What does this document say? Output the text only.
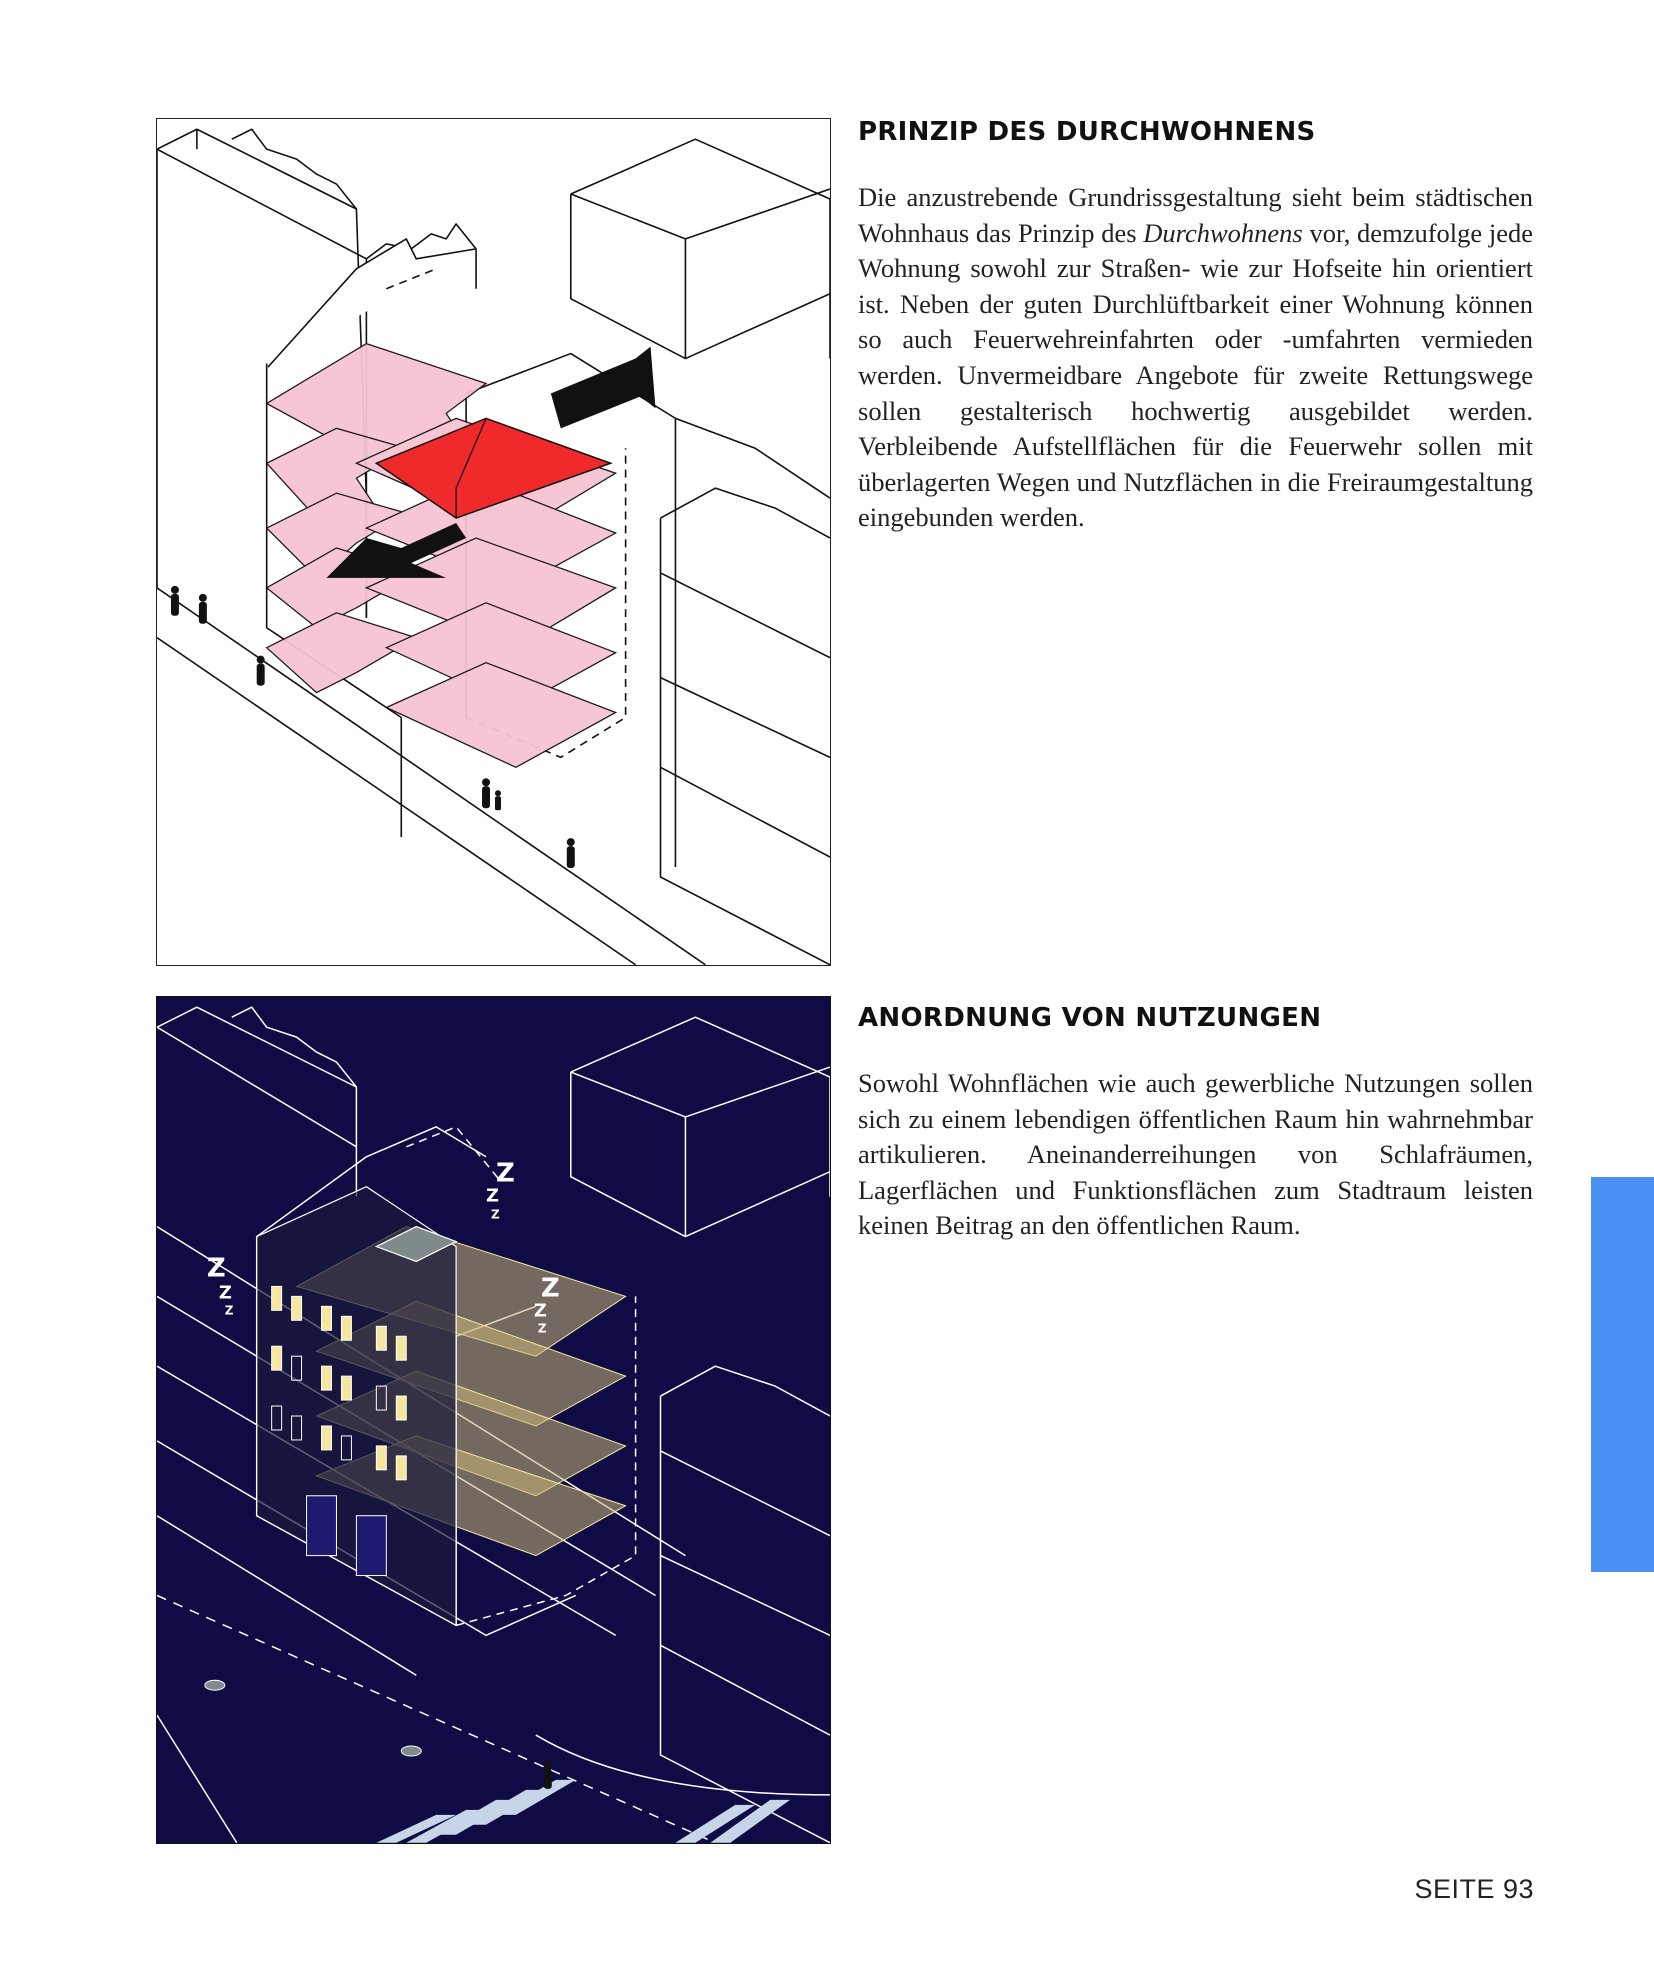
PRINZIP DES DURCHWOHNENS

Die anzustrebende Grundrissgestaltung sieht beim städtischen Wohnhaus das Prinzip des Durchwohnens vor, demzufolge jede Wohnung sowohl zur Straßen- wie zur Hofseite hin orientiert ist. Neben der guten Durchlüftbarkeit einer Wohnung können so auch Feuerwehreinfahrten oder -umfahrten vermieden werden. Unvermeidbare Angebote für zweite Rettungswege sollen gestalterisch hochwertig ausgebildet werden. Verbleibende Aufstellflächen für die Feuerwehr sollen mit überlagerten Wegen und Nutzflächen in die Freiraumgestaltung eingebunden werden.

Z
Z
Z
Z
Z
Z
Z
Z
Z
ANORDNUNG VON NUTZUNGEN

Sowohl Wohnflächen wie auch gewerbliche Nutzungen sollen sich zu einem lebendigen öffentlichen Raum hin wahrnehmbar artikulieren. Aneinanderreihungen von Schlafräumen, Lagerflächen und Funktionsflächen zum Stadtraum leisten keinen Beitrag an den öffentlichen Raum.

SEITE 93
